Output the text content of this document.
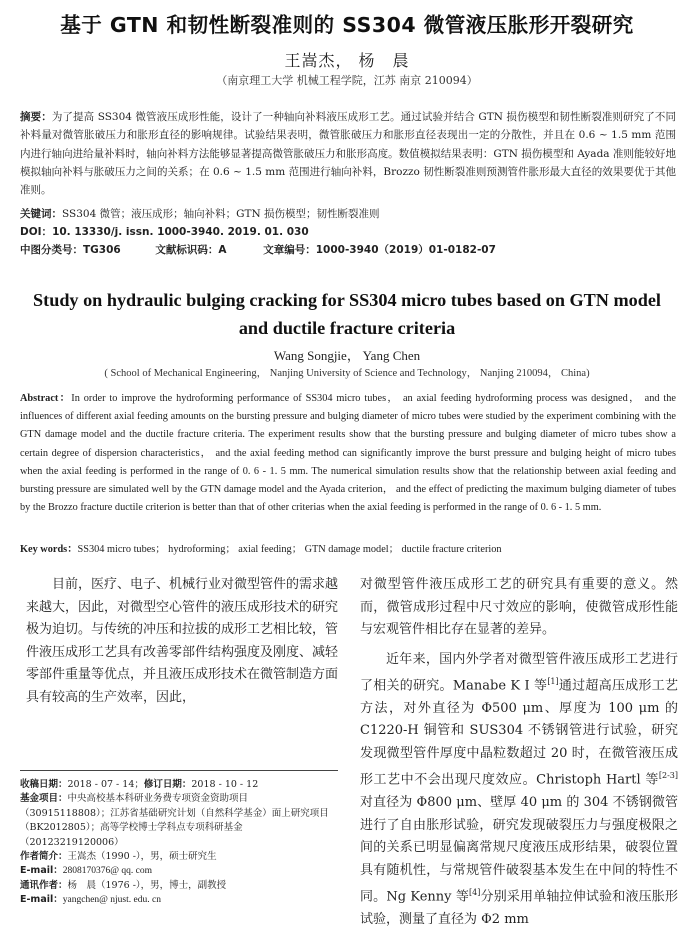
基于 GTN 和韧性断裂准则的 SS304 微管液压胀形开裂研究
王嵩杰， 杨　晨
（南京理工大学 机械工程学院，江苏 南京 210094）
摘要：为了提高 SS304 微管液压成形性能，设计了一种轴向补料液压成形工艺。通过试验并结合 GTN 损伤模型和韧性断裂准则研究了不同补料量对微管胀破压力和胀形直径的影响规律。试验结果表明，微管胀破压力和胀形直径表现出一定的分散性，并且在 0.6 ~ 1.5 mm 范围内进行轴向进给量补料时，轴向补料方法能够显著提高微管胀破压力和胀形高度。数值模拟结果表明：GTN 损伤模型和 Ayada 准则能较好地模拟轴向补料与胀破压力之间的关系；在 0.6 ~ 1.5 mm 范围进行轴向补料，Brozzo 韧性断裂准则预测管件胀形最大直径的效果要优于其他准则。
关键词：SS304 微管；液压成形；轴向补料；GTN 损伤模型；韧性断裂准则
DOI：10. 13330/j. issn. 1000-3940. 2019. 01. 030
中图分类号：TG306	文献标识码：A	文章编号：1000-3940（2019）01-0182-07
Study on hydraulic bulging cracking for SS304 micro tubes based on GTN model and ductile fracture criteria
Wang Songjie， Yang Chen
( School of Mechanical Engineering， Nanjing University of Science and Technology， Nanjing 210094， China)
Abstract：In order to improve the hydroforming performance of SS304 micro tubes， an axial feeding hydroforming process was designed， and the influences of different axial feeding amounts on the bursting pressure and bulging diameter of micro tubes were studied by the experiment combining with the GTN damage model and the ductile fracture criteria. The experiment results show that the bursting pressure and bulging diameter of micro tubes show a certain degree of dispersion characteristics， and the axial feeding method can significantly improve the burst pressure and bulging height of micro tubes when the axial feeding is performed in the range of 0. 6 - 1. 5 mm. The numerical simulation results show that the relationship between axial feeding and bursting pressure are simulated well by the GTN damage model and the Ayada criterion， and the effect of predicting the maximum bulging diameter of tubes by the Brozzo fracture ductile criterion is better than that of other criterias when the axial feeding is performed in the range of 0. 6 - 1. 5 mm.
Key words：SS304 micro tubes； hydroforming； axial feeding； GTN damage model； ductile fracture criterion

目前，医疗、电子、机械行业对微型管件的需求越来越大，因此，对微型空心管件的液压成形技术的研究极为迫切。与传统的冲压和拉拔的成形工艺相比较，管件液压成形工艺具有改善零部件结构强度及刚度、减轻零部件重量等优点，并且液压成形技术在微管制造方面具有较高的生产效率，因此，

对微型管件液压成形工艺的研究具有重要的意义。然而，微管成形过程中尺寸效应的影响，使微管成形性能与宏观管件相比存在显著的差异。

近年来，国内外学者对微型管件液压成形工艺进行了相关的研究。Manabe K I 等[1]通过超高压成形工艺方法，对外直径为 Φ500 μm、厚度为 100 μm 的 C1220-H 铜管和 SUS304 不锈钢管进行试验，研究发现微型管件厚度中晶粒数超过 20 时，在微管液压成形工艺中不会出现尺度效应。Christoph Hartl 等[2-3]对直径为 Φ800 μm、壁厚 40 μm 的 304 不锈钢微管进行了自由胀形试验，研究发现破裂压力与强度极限之间的关系已明显偏离常规尺度液压成形结果，破裂位置具有随机性，与常规管件破裂基本发生在中间的特性不同。Ng Kenny 等[4]分别采用单轴拉伸试验和液压胀形试验，测量了直径为 Φ2 mm

收稿日期：2018 - 07 - 14；修订日期：2018 - 10 - 12

基金项目：中央高校基本科研业务费专项资金资助项目（30915118808）；江苏省基础研究计划（自然科学基金）面上研究项目（BK2012805）；高等学校博士学科点专项科研基金（20123219120006）

作者简介：王嵩杰（1990 -），男，硕士研究生

E-mail：2808170376@ qq. com

通讯作者：杨　晨（1976 -），男，博士，副教授

E-mail：yangchen@ njust. edu. cn
